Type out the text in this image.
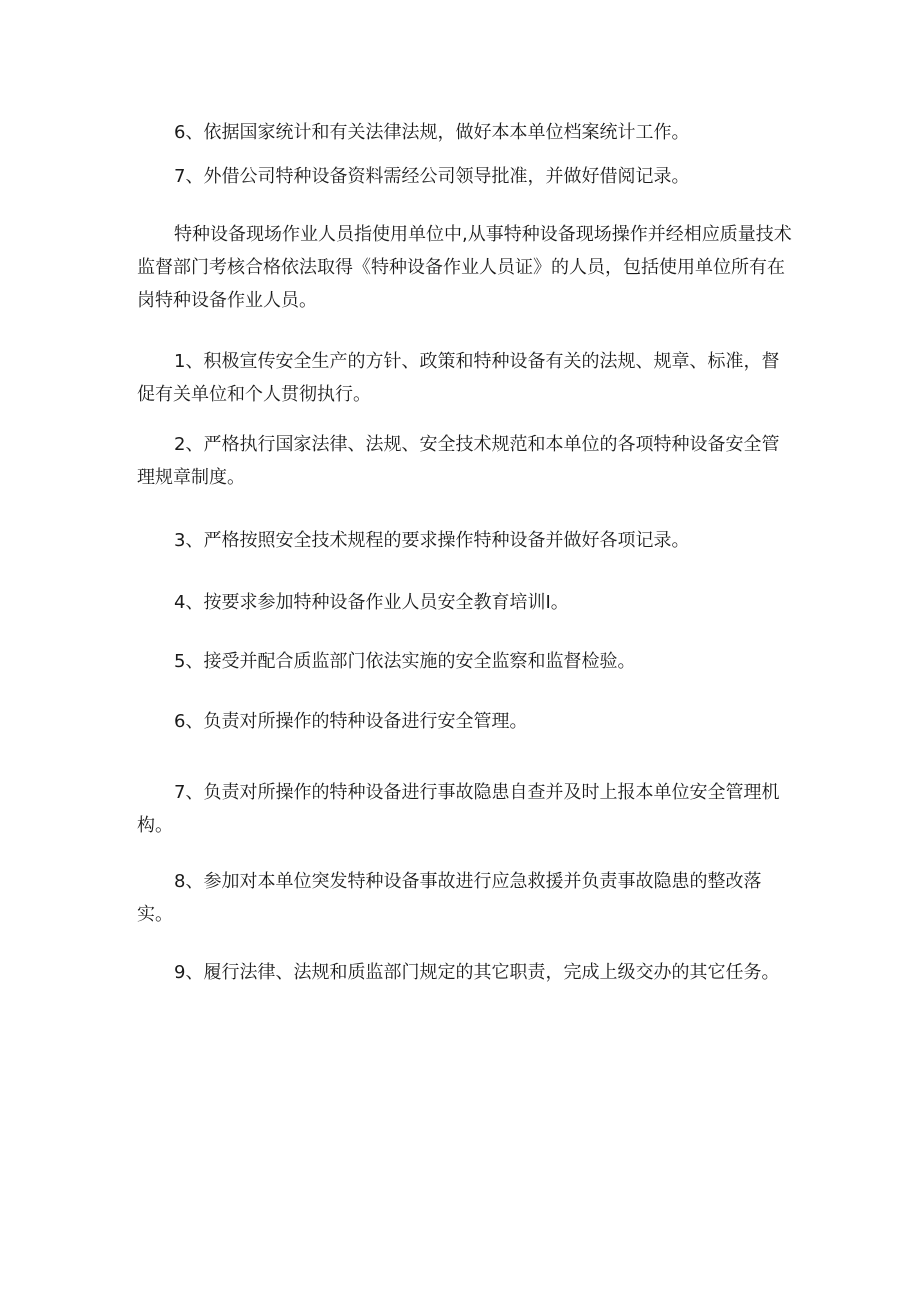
6、依据国家统计和有关法律法规，做好本本单位档案统计工作。

7、外借公司特种设备资料需经公司领导批准，并做好借阅记录。

特种设备现场作业人员指使用单位中,从事特种设备现场操作并经相应质量技术监督部门考核合格依法取得《特种设备作业人员证》的人员，包括使用单位所有在岗特种设备作业人员。

1、积极宣传安全生产的方针、政策和特种设备有关的法规、规章、标准，督促有关单位和个人贯彻执行。

2、严格执行国家法律、法规、安全技术规范和本单位的各项特种设备安全管理规章制度。

3、严格按照安全技术规程的要求操作特种设备并做好各项记录。

4、按要求参加特种设备作业人员安全教育培训I。

5、接受并配合质监部门依法实施的安全监察和监督检验。

6、负责对所操作的特种设备进行安全管理。

7、负责对所操作的特种设备进行事故隐患自查并及时上报本单位安全管理机构。

8、参加对本单位突发特种设备事故进行应急救援并负责事故隐患的整改落实。

9、履行法律、法规和质监部门规定的其它职责，完成上级交办的其它任务。
